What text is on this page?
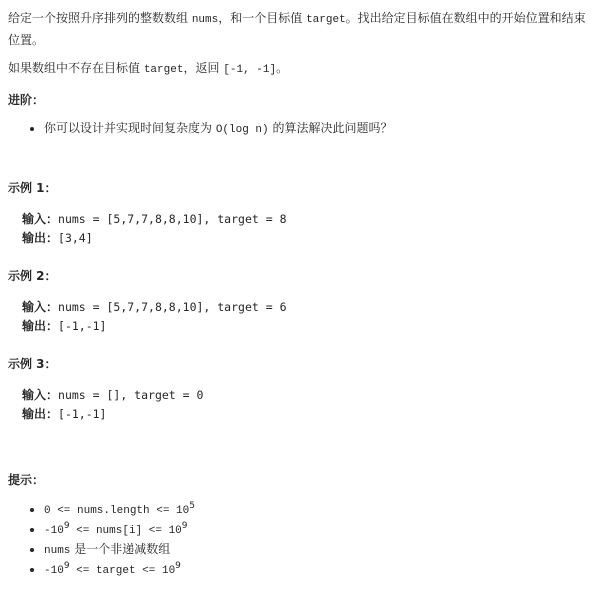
给定一个按照升序排列的整数数组 nums，和一个目标值 target。找出给定目标值在数组中的开始位置和结束
位置。

如果数组中不存在目标值 target，返回 [-1, -1]。

进阶：

• 你可以设计并实现时间复杂度为 O(log n) 的算法解决此问题吗？

示例 1：

输入：nums = [5,7,7,8,8,10], target = 8
输出：[3,4]

示例 2：

输入：nums = [5,7,7,8,8,10], target = 6
输出：[-1,-1]

示例 3：

输入：nums = [], target = 0
输出：[-1,-1]

提示：

• 0 <= nums.length <= $10^5$
• $-10^9$ <= nums[i] <= $10^9$
• nums 是一个非递减数组
• $-10^9$ <= target <= $10^9$
